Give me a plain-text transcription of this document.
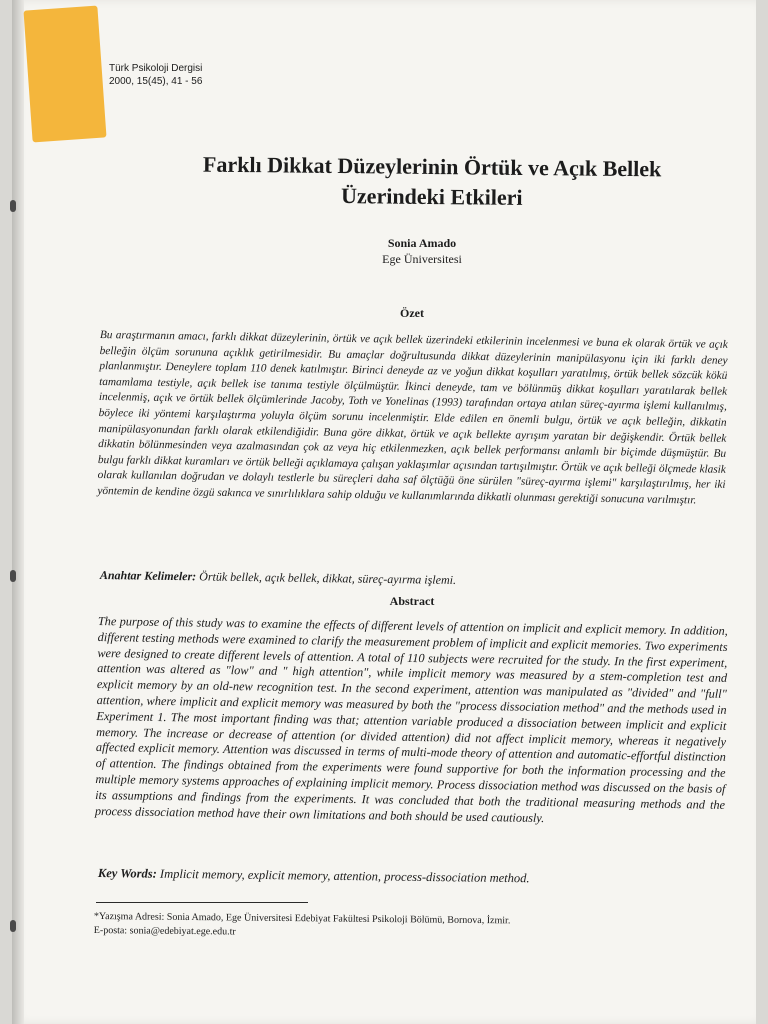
Türk Psikoloji Dergisi
2000, 15(45), 41 - 56
Farklı Dikkat Düzeylerinin Örtük ve Açık Bellek
Üzerindeki Etkileri
Sonia Amado
Ege Üniversitesi
Özet
Bu araştırmanın amacı, farklı dikkat düzeylerinin, örtük ve açık bellek üzerindeki etkilerinin incelenmesi ve buna ek olarak örtük ve açık belleğin ölçüm sorununa açıklık getirilmesidir. Bu amaçlar doğrultusunda dikkat düzeylerinin manipülasyonu için iki farklı deney planlanmıştır. Deneylere toplam 110 denek katılmıştır. Birinci deneyde az ve yoğun dikkat koşulları yaratılmış, örtük bellek sözcük kökü tamamlama testiyle, açık bellek ise tanıma testiyle ölçülmüştür. İkinci deneyde, tam ve bölünmüş dikkat koşulları yaratılarak bellek incelenmiş, açık ve örtük bellek ölçümlerinde Jacoby, Toth ve Yonelinas (1993) tarafından ortaya atılan süreç-ayırma işlemi kullanılmış, böylece iki yöntemi karşılaştırma yoluyla ölçüm sorunu incelenmiştir. Elde edilen en önemli bulgu, örtük ve açık belleğin, dikkatin manipülasyonundan farklı olarak etkilendiğidir. Buna göre dikkat, örtük ve açık bellekte ayrışım yaratan bir değişkendir. Örtük bellek dikkatin bölünmesinden veya azalmasından çok az veya hiç etkilenmezken, açık bellek performansı anlamlı bir biçimde düşmüştür. Bu bulgu farklı dikkat kuramları ve örtük belleği açıklamaya çalışan yaklaşımlar açısından tartışılmıştır. Örtük ve açık belleği ölçmede klasik olarak kullanılan doğrudan ve dolaylı testlerle bu süreçleri daha saf ölçtüğü öne sürülen "süreç-ayırma işlemi" karşılaştırılmış, her iki yöntemin de kendine özgü sakınca ve sınırlılıklara sahip olduğu ve kullanımlarında dikkatli olunması gerektiği sonucuna varılmıştır.
Anahtar Kelimeler: Örtük bellek, açık bellek, dikkat, süreç-ayırma işlemi.
Abstract
The purpose of this study was to examine the effects of different levels of attention on implicit and explicit memory. In addition, different testing methods were examined to clarify the measurement problem of implicit and explicit memories. Two experiments were designed to create different levels of attention. A total of 110 subjects were recruited for the study. In the first experiment, attention was altered as "low" and " high attention", while implicit memory was measured by a stem-completion test and explicit memory by an old-new recognition test. In the second experiment, attention was manipulated as "divided" and "full" attention, where implicit and explicit memory was measured by both the "process dissociation method" and the methods used in Experiment 1. The most important finding was that; attention variable produced a dissociation between implicit and explicit memory. The increase or decrease of attention (or divided attention) did not affect implicit memory, whereas it negatively affected explicit memory. Attention was discussed in terms of multi-mode theory of attention and automatic-effortful distinction of attention. The findings obtained from the experiments were found supportive for both the information processing and the multiple memory systems approaches of explaining implicit memory. Process dissociation method was discussed on the basis of its assumptions and findings from the experiments. It was concluded that both the traditional measuring methods and the process dissociation method have their own limitations and both should be used cautiously.
Key Words: Implicit memory, explicit memory, attention, process-dissociation method.
*Yazışma Adresi: Sonia Amado, Ege Üniversitesi Edebiyat Fakültesi Psikoloji Bölümü, Bornova, İzmir.
E-posta: sonia@edebiyat.ege.edu.tr
